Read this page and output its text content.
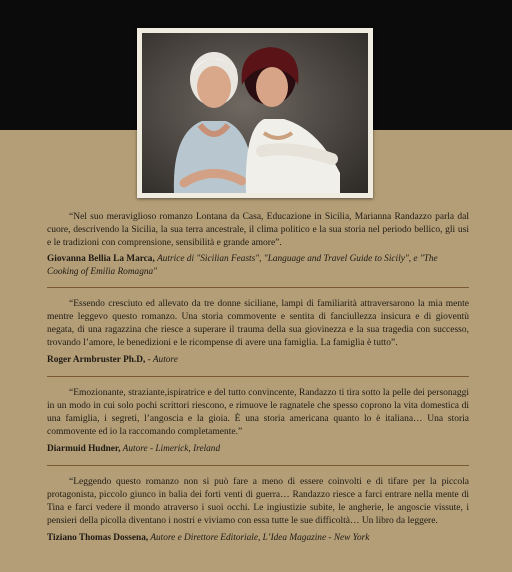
“Nel suo meraviglioso romanzo Lontana da Casa, Educazione in Sicilia, Marianna Randazzo parla dal cuore, descrivendo la Sicilia, la sua terra ancestrale, il clima politico e la sua storia nel periodo bellico, gli usi e le tradizioni con comprensione, sensibilità e grande amore”.

Giovanna Bellia La Marca, Autrice di "Sicilian Feasts", "Language and Travel Guide to Sicily", e "The Cooking of Emilia Romagna"

“Essendo cresciuto ed allevato da tre donne siciliane, lampi di familiarità attraversarono la mia mente mentre leggevo questo romanzo. Una storia commovente e sentita di fanciullezza insicura e di gioventù negata, di una ragazzina che riesce a superare il trauma della sua giovinezza e la sua tragedia con successo, trovando l’amore, le benedizioni e le ricompense di avere una famiglia. La famiglia è tutto”.

Roger Armbruster Ph.D, - Autore

“Emozionante, straziante,ispiratrice e del tutto convincente, Randazzo ti tira sotto la pelle dei personaggi in un modo in cui solo pochi scrittori riescono, e rimuove le ragnatele che spesso coprono la vita domestica di una famiglia, i segreti, l’angoscia e la gioia. È una storia americana quanto lo è italiana… Una storia commovente ed io la raccomando completamente.”

Diarmuid Hudner, Autore - Limerick, Ireland

“Leggendo questo romanzo non si può fare a meno di essere coinvolti e di tifare per la piccola protagonista, piccolo giunco in balia dei forti venti di guerra… Randazzo riesce a farci entrare nella mente di Tina e farci vedere il mondo atraverso i suoi occhi. Le ingiustizie subite, le angherie, le angoscie vissute, i pensieri della picolla diventano i nostri e viviamo con essa tutte le sue difficoltà… Un libro da leggere.

Tiziano Thomas Dossena, Autore e Direttore Editoriale, L’Idea Magazine - New York
